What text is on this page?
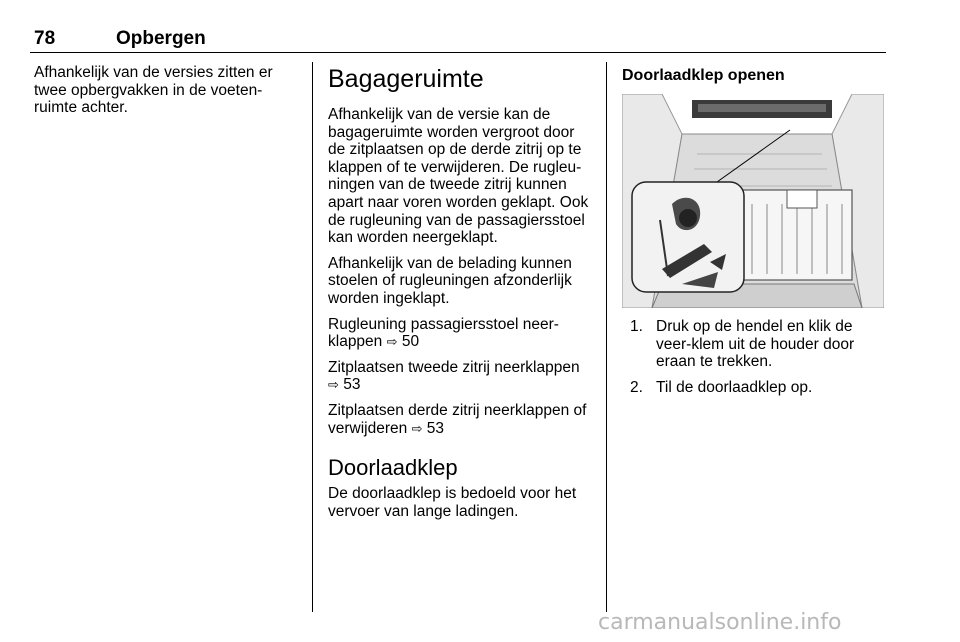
78	Opbergen

Afhankelijk van de versies zitten er twee opbergvakken in de voeten-ruimte achter.

Bagageruimte

Afhankelijk van de versie kan de bagageruimte worden vergroot door de zitplaatsen op de derde zitrij op te klappen of te verwijderen. De rugleu-ningen van de tweede zitrij kunnen apart naar voren worden geklapt. Ook de rugleuning van de passagiersstoel kan worden neergeklapt.

Afhankelijk van de belading kunnen stoelen of rugleuningen afzonderlijk worden ingeklapt.

Rugleuning passagiersstoel neer-klappen ⇨ 50

Zitplaatsen tweede zitrij neerklappen ⇨ 53

Zitplaatsen derde zitrij neerklappen of verwijderen ⇨ 53

Doorlaadklep

De doorlaadklep is bedoeld voor het vervoer van lange ladingen.

Doorlaadklep openen
1. Druk op de hendel en klik de veer-klem uit de houder door eraan te trekken.
2. Til de doorlaadklep op.
carmanualsonline.info
